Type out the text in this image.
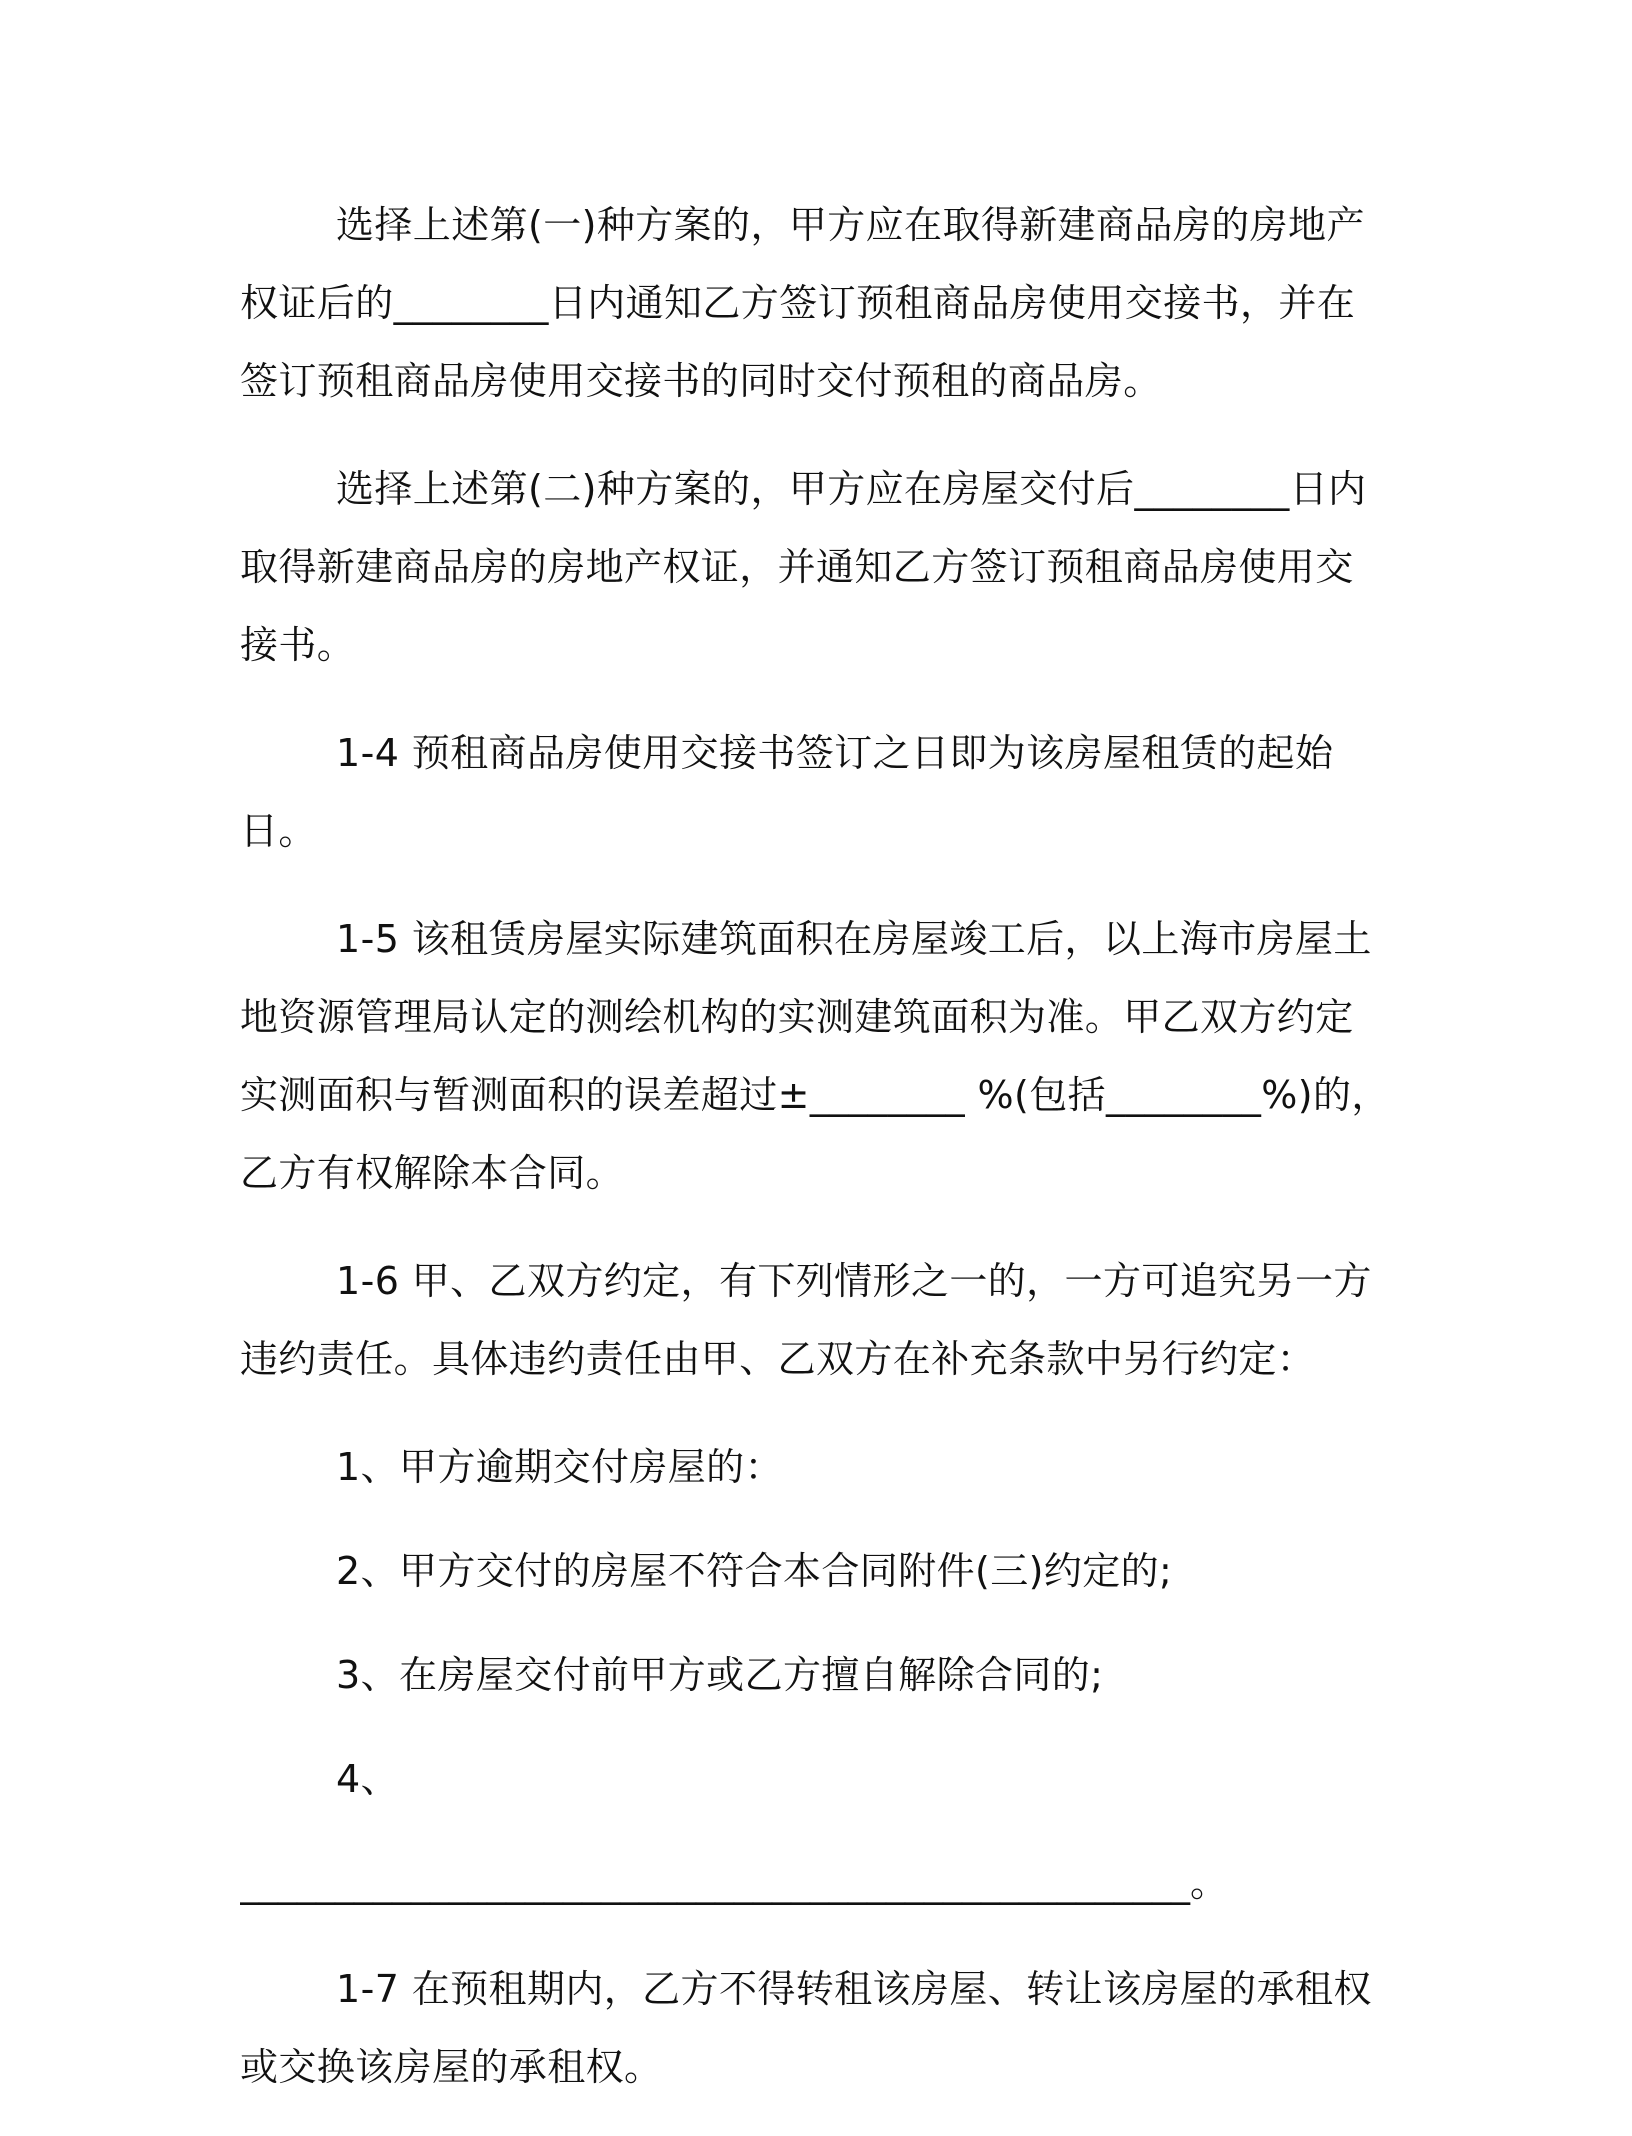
选择上述第(一)种方案的，甲方应在取得新建商品房的房地产权证后的________日内通知乙方签订预租商品房使用交接书，并在签订预租商品房使用交接书的同时交付预租的商品房。

选择上述第(二)种方案的，甲方应在房屋交付后________日内取得新建商品房的房地产权证，并通知乙方签订预租商品房使用交接书。

1-4 预租商品房使用交接书签订之日即为该房屋租赁的起始日。

1-5 该租赁房屋实际建筑面积在房屋竣工后，以上海市房屋土地资源管理局认定的测绘机构的实测建筑面积为准。甲乙双方约定实测面积与暂测面积的误差超过±________ %(包括________%)的，乙方有权解除本合同。

1-6 甲、乙双方约定，有下列情形之一的，一方可追究另一方违约责任。具体违约责任由甲、乙双方在补充条款中另行约定：

1、甲方逾期交付房屋的：

2、甲方交付的房屋不符合本合同附件(三)约定的;

3、在房屋交付前甲方或乙方擅自解除合同的;

4、

__________________________________________________。

1-7 在预租期内，乙方不得转租该房屋、转让该房屋的承租权或交换该房屋的承租权。
